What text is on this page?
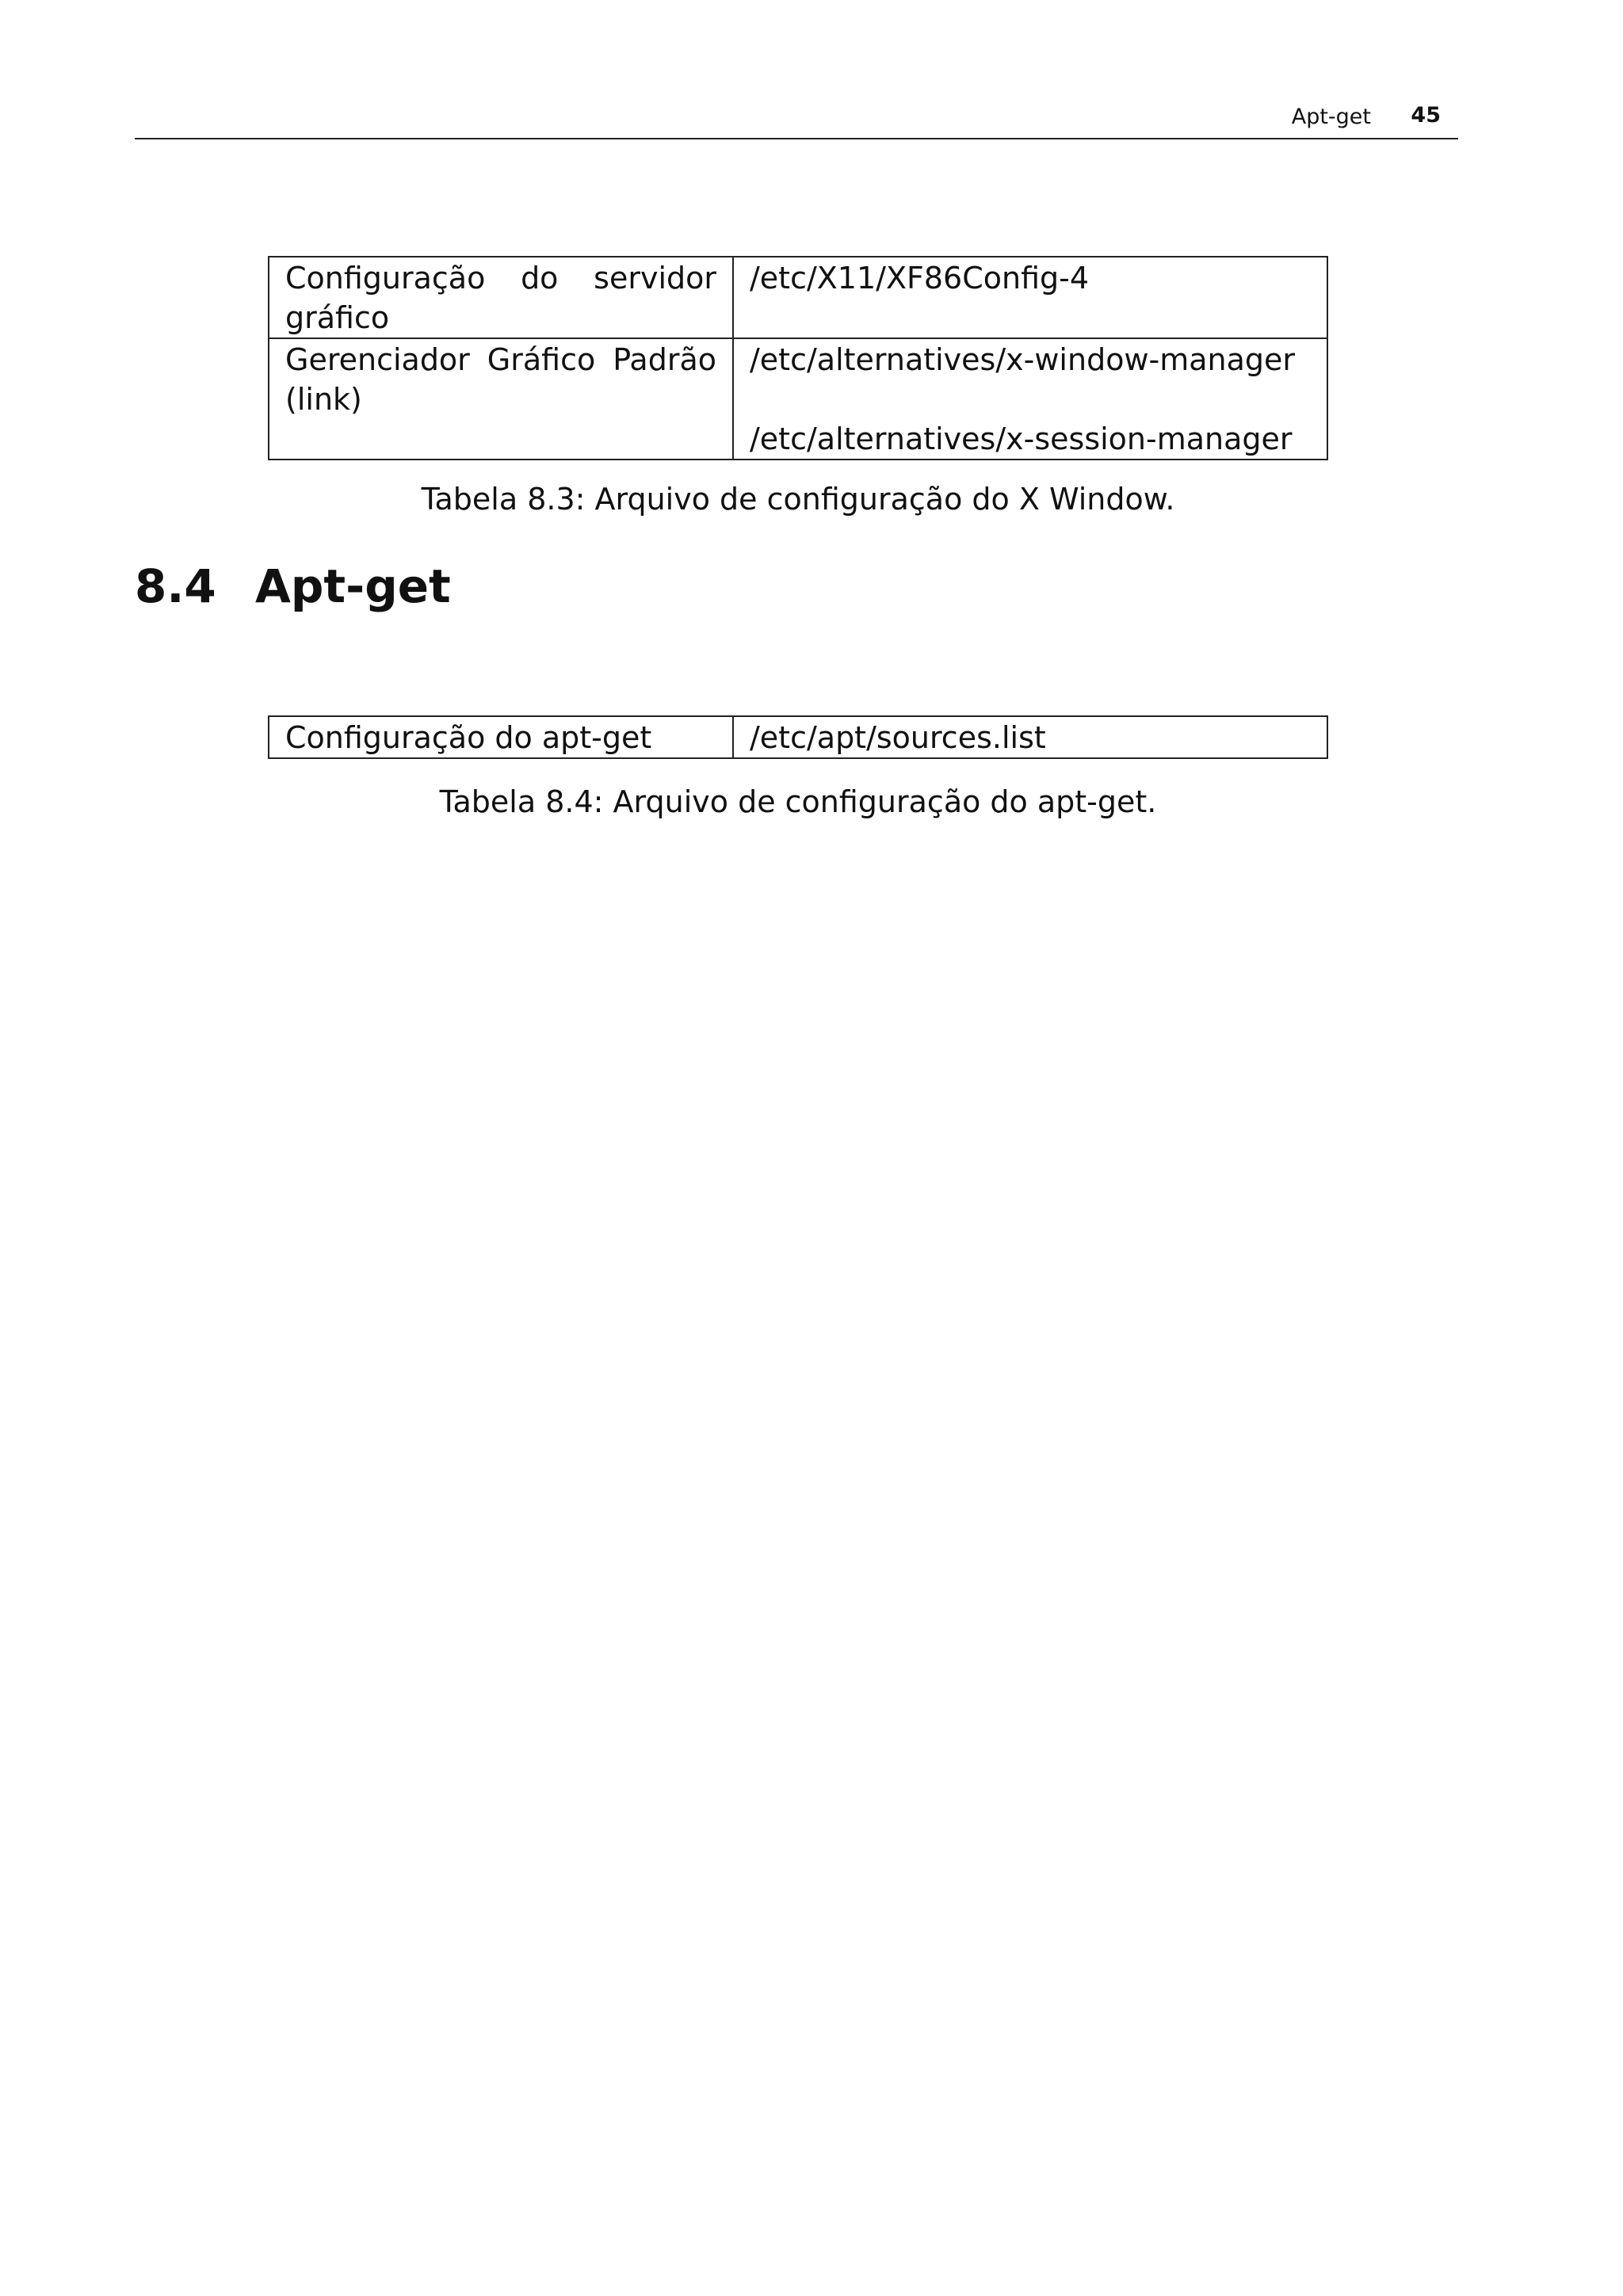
Apt-get 45
Configuração do servidor gráfico	/etc/X11/XF86Config-4

Gerenciador Gráfico Padrão (link)	/etc/alternatives/x-window-manager
/etc/alternatives/x-session-manager
Tabela 8.3: Arquivo de configuração do X Window.
8.4 Apt-get
Configuração do apt-get	/etc/apt/sources.list
Tabela 8.4: Arquivo de configuração do apt-get.
